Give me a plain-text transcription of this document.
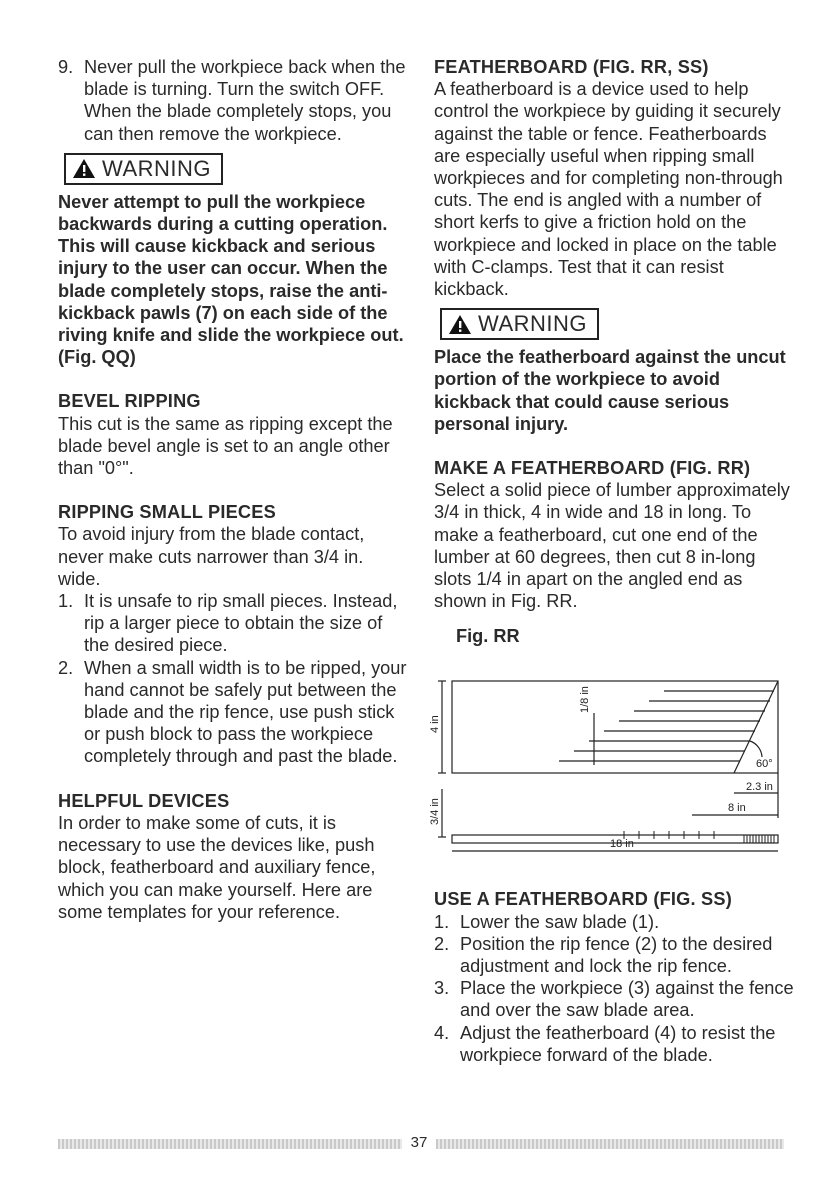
9. Never pull the workpiece back when the blade is turning. Turn the switch OFF. When the blade completely stops, you can then remove the workpiece.
WARNING

Never attempt to pull the workpiece backwards during a cutting operation. This will cause kickback and serious injury to the user can occur. When the blade completely stops, raise the anti-kickback pawls (7) on each side of the riving knife and slide the workpiece out. (Fig. QQ)

BEVEL RIPPING

This cut is the same as ripping except the blade bevel angle is set to an angle other than "0°".

RIPPING SMALL PIECES

To avoid injury from the blade contact, never make cuts narrower than 3/4 in. wide.

1. It is unsafe to rip small pieces. Instead, rip a larger piece to obtain the size of the desired piece.
2. When a small width is to be ripped, your hand cannot be safely put between the blade and the rip fence, use push stick or push block to pass the workpiece completely through and past the blade.

HELPFUL DEVICES

In order to make some of cuts, it is necessary to use the devices like, push block, featherboard and auxiliary fence, which you can make yourself. Here are some templates for your reference.

FEATHERBOARD (FIG. RR, SS)

A featherboard is a device used to help control the workpiece by guiding it securely against the table or fence. Featherboards are especially useful when ripping small workpieces and for completing non-through cuts. The end is angled with a number of short kerfs to give a friction hold on the workpiece and locked in place on the table with C-clamps. Test that it can resist kickback.

WARNING

Place the featherboard against the uncut portion of the workpiece to avoid kickback that could cause serious personal injury.

MAKE A FEATHERBOARD (FIG. RR)

Select a solid piece of lumber approximately 3/4 in thick, 4 in wide and 18 in long. To make a featherboard, cut one end of the lumber at 60 degrees, then cut 8 in-long slots 1/4 in apart on the angled end as shown in Fig. RR.

Fig. RR
4 in
1/8 in
60°
2.3 in
8 in
3/4 in
18 in

USE A FEATHERBOARD (FIG. SS)

1. Lower the saw blade (1).
2. Position the rip fence (2) to the desired adjustment and lock the rip fence.
3. Place the workpiece (3) against the fence and over the saw blade area.
4. Adjust the featherboard (4) to resist the workpiece forward of the blade.
37
